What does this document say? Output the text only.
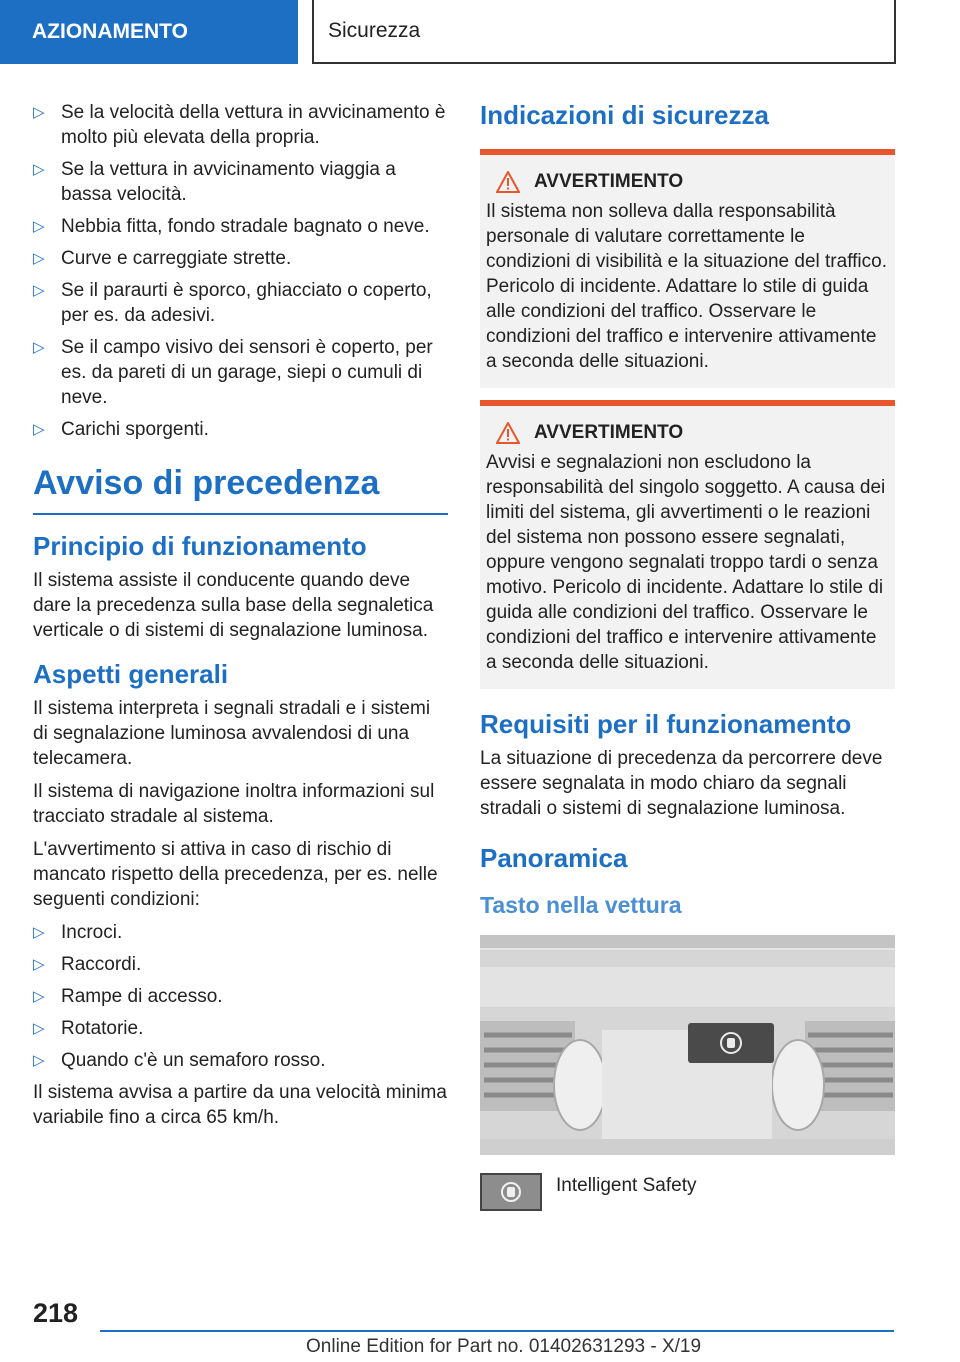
AZIONAMENTO	Sicurezza
▷ Se la velocità della vettura in avvicinamento è molto più elevata della propria.
▷ Se la vettura in avvicinamento viaggia a bassa velocità.
▷ Nebbia fitta, fondo stradale bagnato o neve.
▷ Curve e carreggiate strette.
▷ Se il paraurti è sporco, ghiacciato o coperto, per es. da adesivi.
▷ Se il campo visivo dei sensori è coperto, per es. da pareti di un garage, siepi o cumuli di neve.
▷ Carichi sporgenti.
Avviso di precedenza
Principio di funzionamento

Il sistema assiste il conducente quando deve dare la precedenza sulla base della segnaletica verticale o di sistemi di segnalazione luminosa.

Aspetti generali

Il sistema interpreta i segnali stradali e i sistemi di segnalazione luminosa avvalendosi di una telecamera.

Il sistema di navigazione inoltra informazioni sul tracciato stradale al sistema.

L'avvertimento si attiva in caso di rischio di mancato rispetto della precedenza, per es. nelle seguenti condizioni:

▷ Incroci.
▷ Raccordi.
▷ Rampe di accesso.
▷ Rotatorie.
▷ Quando c'è un semaforo rosso.

Il sistema avvisa a partire da una velocità minima variabile fino a circa 65 km/h.

Indicazioni di sicurezza
AVVERTIMENTO

Il sistema non solleva dalla responsabilità personale di valutare correttamente le condizioni di visibilità e la situazione del traffico. Pericolo di incidente. Adattare lo stile di guida alle condizioni del traffico. Osservare le condizioni del traffico e intervenire attivamente a seconda delle situazioni.

AVVERTIMENTO

Avvisi e segnalazioni non escludono la responsabilità del singolo soggetto. A causa dei limiti del sistema, gli avvertimenti o le reazioni del sistema non possono essere segnalati, oppure vengono segnalati troppo tardi o senza motivo. Pericolo di incidente. Adattare lo stile di guida alle condizioni del traffico. Osservare le condizioni del traffico e intervenire attivamente a seconda delle situazioni.

Requisiti per il funzionamento

La situazione di precedenza da percorrere deve essere segnalata in modo chiaro da segnali stradali o sistemi di segnalazione luminosa.

Panoramica
Tasto nella vettura
Intelligent Safety
218
Online Edition for Part no. 01402631293 - X/19
